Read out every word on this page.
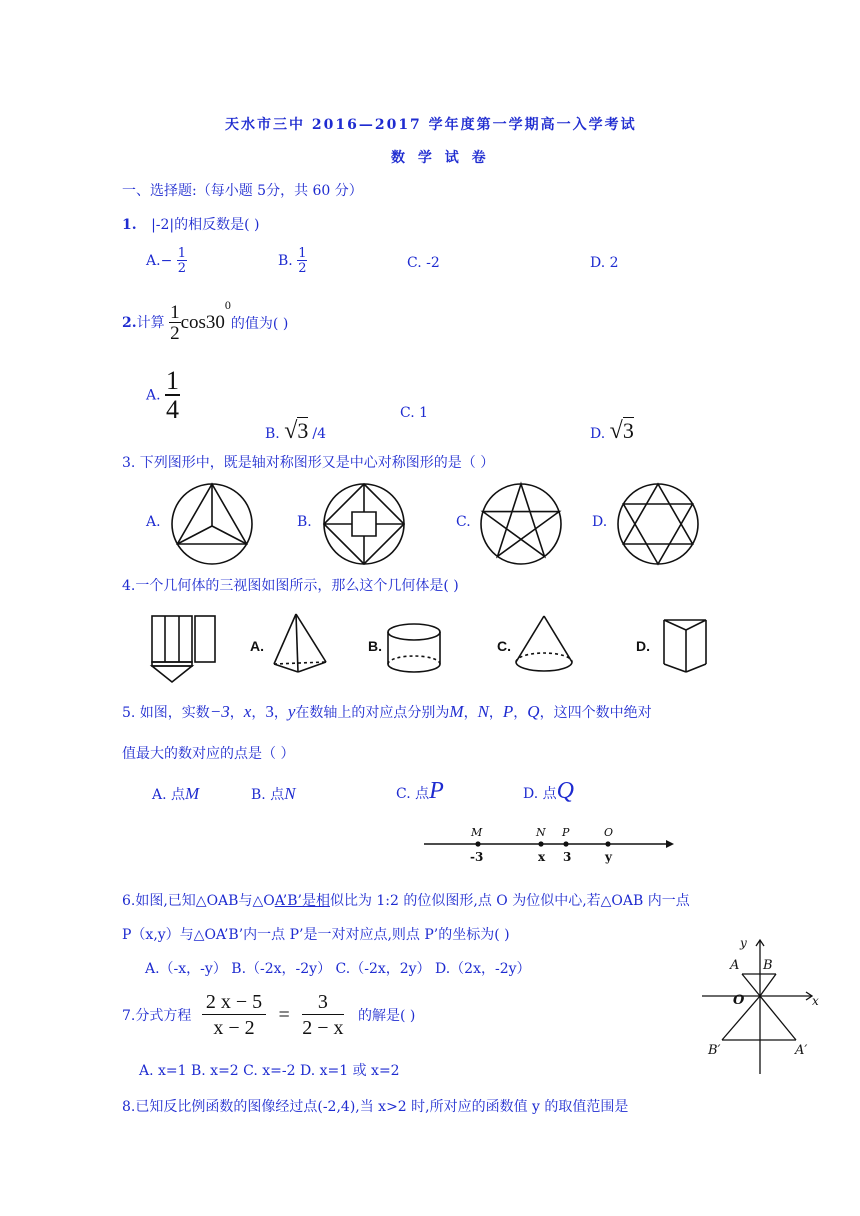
天水市三中 2016—2017 学年度第一学期高一入学考试
数 学 试 卷
一、选择题:（每小题 5分，共 60 分）
1. |-2|的相反数是( )
$A.- \frac{1}{2}$	B. $\frac{1}{2}$	C. -2	D. 2
2.计算 $\frac{1}{2} \cos 30^0$的值为( )
A. $\frac{1}{4}$
B. √3 /4
C. 1
D. √3
3. 下列图形中，既是轴对称图形又是中心对称图形的是（ ）
A.	B.	C.	D.
4.一个几何体的三视图如图所示，那么这个几何体是( )
A.	B.	C.	D.
5. 如图，实数−3，x，3，y在数轴上的对应点分别为M，N，P，Q，这四个数中绝对
值最大的数对应的点是（ ）
A. 点M	B. 点N	C. 点P	D. 点Q
M	N P	O
-3	x 3	y
6.如图,已知△OAB与△OA’B’是相似比为 1:2 的位似图形,点 O 为位似中心,若△OAB 内一点
P（x,y）与△OA’B’内一点 P’是一对对应点,则点 P’的坐标为( )
A.（-x，-y） B.（-2x，-2y） C.（-2x，2y） D.（2x，-2y）
y
x
A B
O
B′	A′
7.分式方程 $\frac{2 x - 5}{x - 2} = \frac{3}{2 - x}$ 的解是( )
A. x=1 B. x=2 C. x=-2 D. x=1 或 x=2
8.已知反比例函数的图像经过点(-2,4),当 x>2 时,所对应的函数值 y 的取值范围是
